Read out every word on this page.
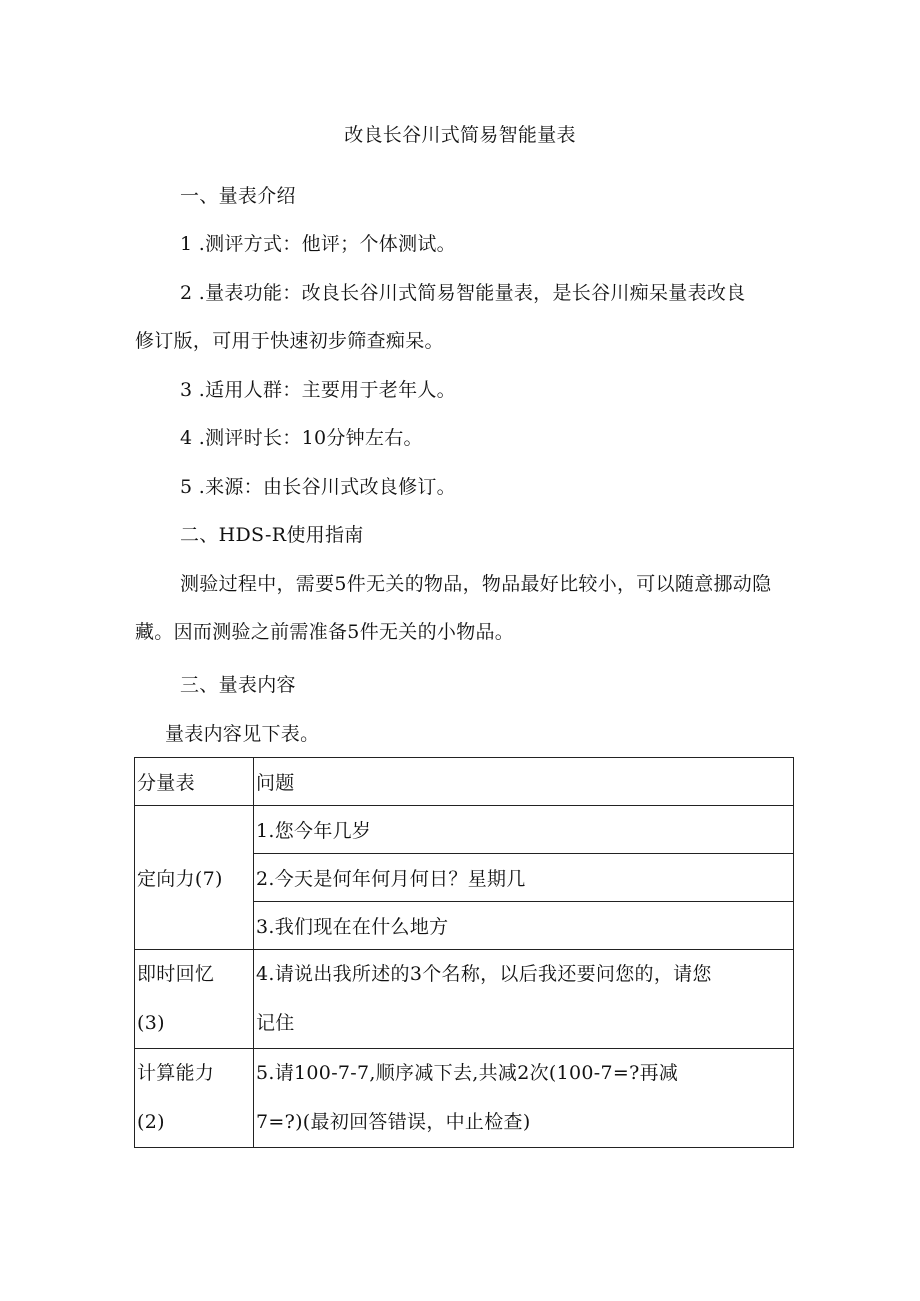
改良长谷川式简易智能量表
一、量表介绍
1 .测评方式：他评；个体测试。
2 .量表功能：改良长谷川式简易智能量表，是长谷川痴呆量表改良
修订版，可用于快速初步筛查痴呆。
3 .适用人群：主要用于老年人。
4 .测评时长：10分钟左右。
5 .来源：由长谷川式改良修订。
二、HDS-R使用指南
测验过程中，需要5件无关的物品，物品最好比较小，可以随意挪动隐
藏。因而测验之前需准备5件无关的小物品。
三、量表内容
量表内容见下表。
分量表	问题
定向力(7)	1.您今年几岁
	2.今天是何年何月何日？星期几
	3.我们现在在什么地方
即时回忆
(3)	4.请说出我所述的3个名称，以后我还要问您的，请您
记住
计算能力
(2)	5.请100-7-7,顺序减下去,共减2次(100-7=?再减
7=?)(最初回答错误，中止检查)
